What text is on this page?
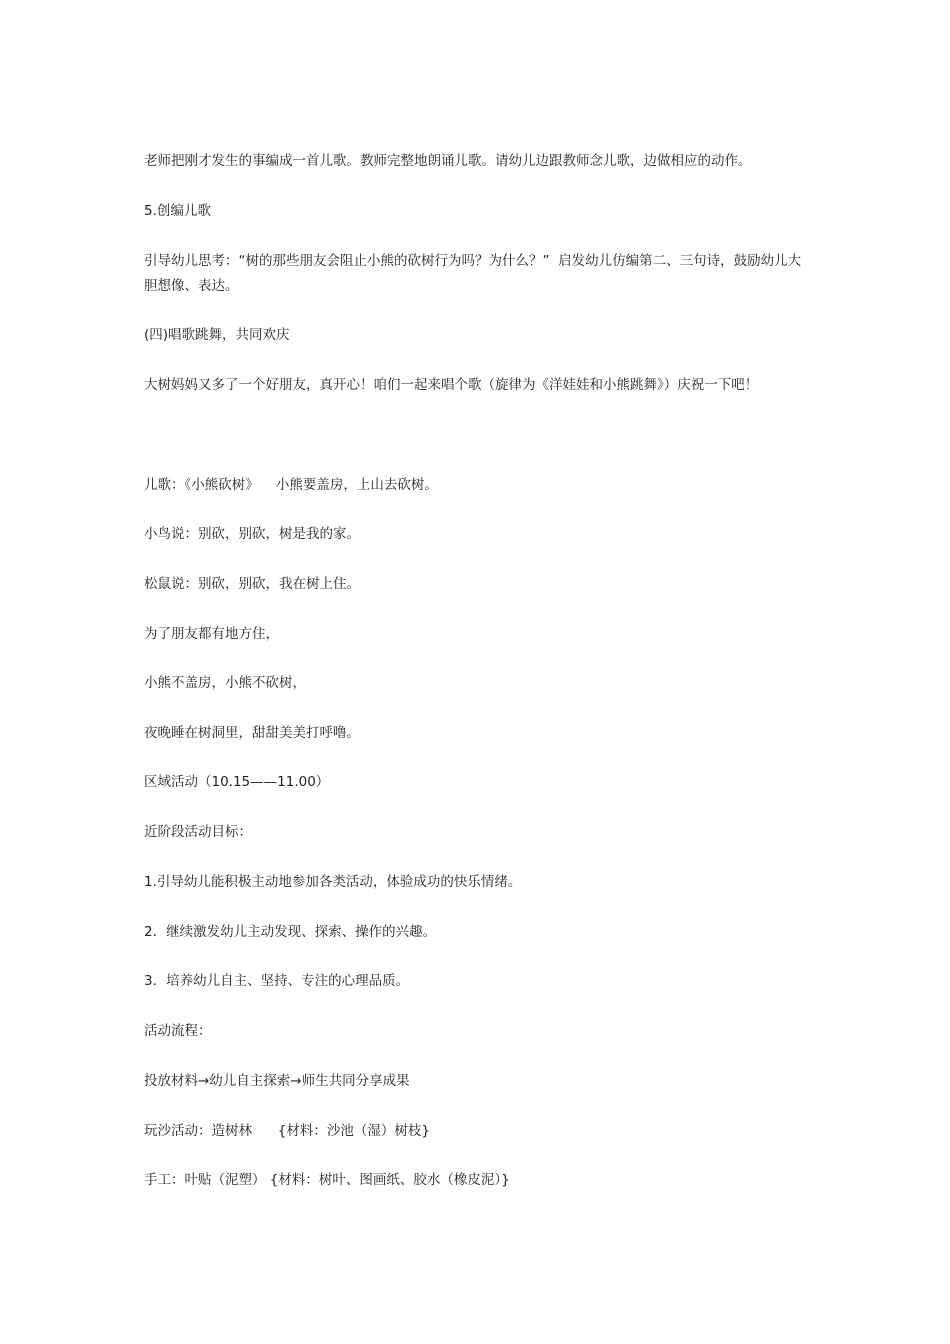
老师把刚才发生的事编成一首儿歌。教师完整地朗诵儿歌。请幼儿边跟教师念儿歌，边做相应的动作。

5.创编儿歌

引导幼儿思考：“树的那些朋友会阻止小熊的砍树行为吗？为什么？”  启发幼儿仿编第二、三句诗，鼓励幼儿大胆想像、表达。

(四)唱歌跳舞，共同欢庆

大树妈妈又多了一个好朋友，真开心！咱们一起来唱个歌（旋律为《洋娃娃和小熊跳舞》）庆祝一下吧！

儿歌：《小熊砍树》    小熊要盖房，上山去砍树。

小鸟说：别砍，别砍，树是我的家。

松鼠说：别砍，别砍，我在树上住。

为了朋友都有地方住，

小熊不盖房，小熊不砍树，

夜晚睡在树洞里，甜甜美美打呼噜。

区域活动（10.15——11.00）

近阶段活动目标：

1.引导幼儿能积极主动地参加各类活动，体验成功的快乐情绪。

2．继续激发幼儿主动发现、探索、操作的兴趣。

3．培养幼儿自主、坚持、专注的心理品质。

活动流程：

投放材料→幼儿自主探索→师生共同分享成果

玩沙活动：造树林      {材料：沙池（湿）树枝}

手工：叶贴（泥塑） {材料：树叶、图画纸、胶水（橡皮泥）}
